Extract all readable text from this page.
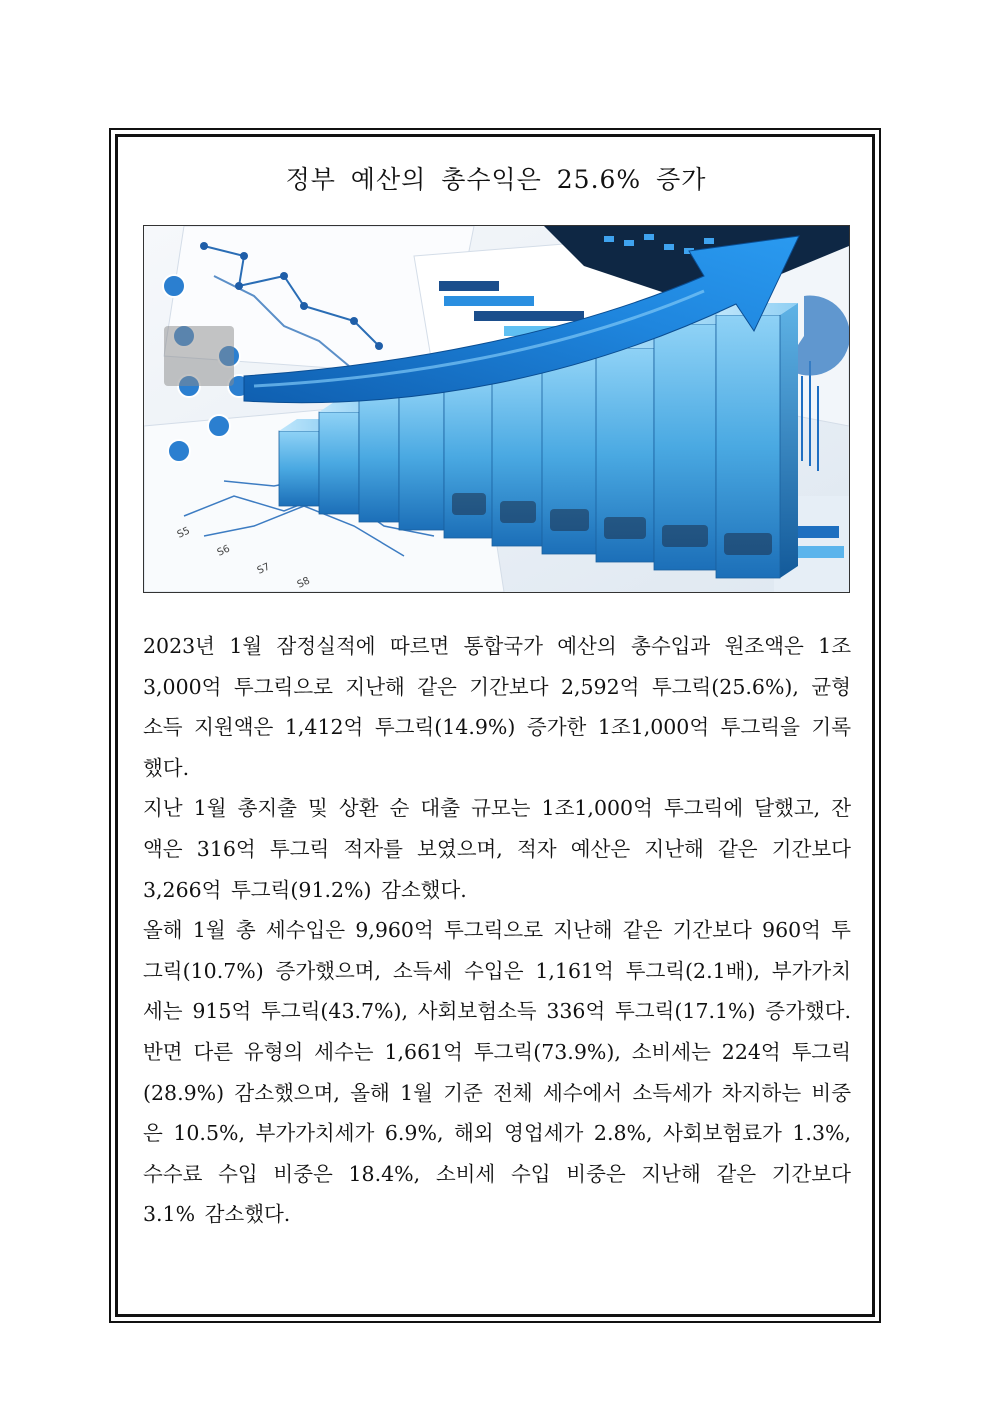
정부 예산의 총수익은 25.6% 증가
S5
S6
S7
S8

2023년 1월 잠정실적에 따르면 통합국가 예산의 총수입과 원조액은 1조 3,000억 투그릭으로 지난해 같은 기간보다 2,592억 투그릭(25.6%), 균형 소득 지원액은 1,412억 투그릭(14.9%) 증가한 1조1,000억 투그릭을 기록했다.

지난 1월 총지출 및 상환 순 대출 규모는 1조1,000억 투그릭에 달했고, 잔액은 316억 투그릭 적자를 보였으며, 적자 예산은 지난해 같은 기간보다 3,266억 투그릭(91.2%) 감소했다.

올해 1월 총 세수입은 9,960억 투그릭으로 지난해 같은 기간보다 960억 투그릭(10.7%) 증가했으며, 소득세 수입은 1,161억 투그릭(2.1배), 부가가치세는 915억 투그릭(43.7%), 사회보험소득 336억 투그릭(17.1%) 증가했다. 반면 다른 유형의 세수는 1,661억 투그릭(73.9%), 소비세는 224억 투그릭(28.9%) 감소했으며, 올해 1월 기준 전체 세수에서 소득세가 차지하는 비중은 10.5%, 부가가치세가 6.9%, 해외 영업세가 2.8%, 사회보험료가 1.3%, 수수료 수입 비중은 18.4%, 소비세 수입 비중은 지난해 같은 기간보다 3.1% 감소했다.
